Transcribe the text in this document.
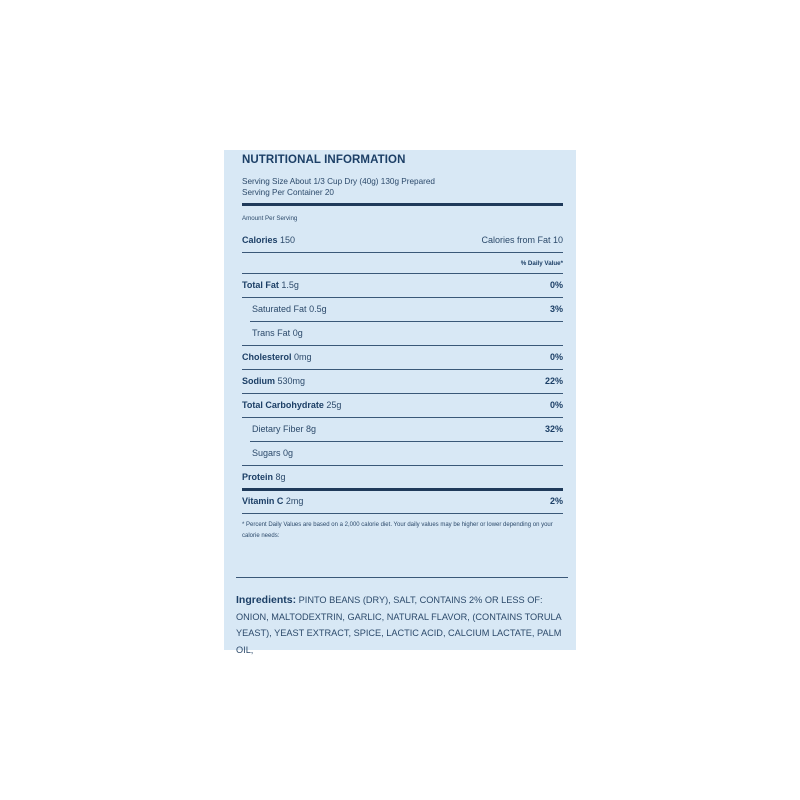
NUTRITIONAL INFORMATION
Serving Size About 1/3 Cup Dry (40g) 130g Prepared
Serving Per Container 20
Amount Per Serving
Calories 150	Calories from Fat 10
% Daily Value*
Total Fat 1.5g	0%
Saturated Fat 0.5g	3%
Trans Fat 0g
Cholesterol 0mg	0%
Sodium 530mg	22%
Total Carbohydrate 25g	0%
Dietary Fiber 8g	32%
Sugars 0g
Protein 8g
Vitamin C 2mg	2%
* Percent Daily Values are based on a 2,000 calorie diet. Your daily values may be higher or lower depending on your calorie needs:
Ingredients: PINTO BEANS (DRY), SALT, CONTAINS 2% OR LESS OF: ONION, MALTODEXTRIN, GARLIC, NATURAL FLAVOR, (CONTAINS TORULA YEAST), YEAST EXTRACT, SPICE, LACTIC ACID, CALCIUM LACTATE, PALM OIL,
